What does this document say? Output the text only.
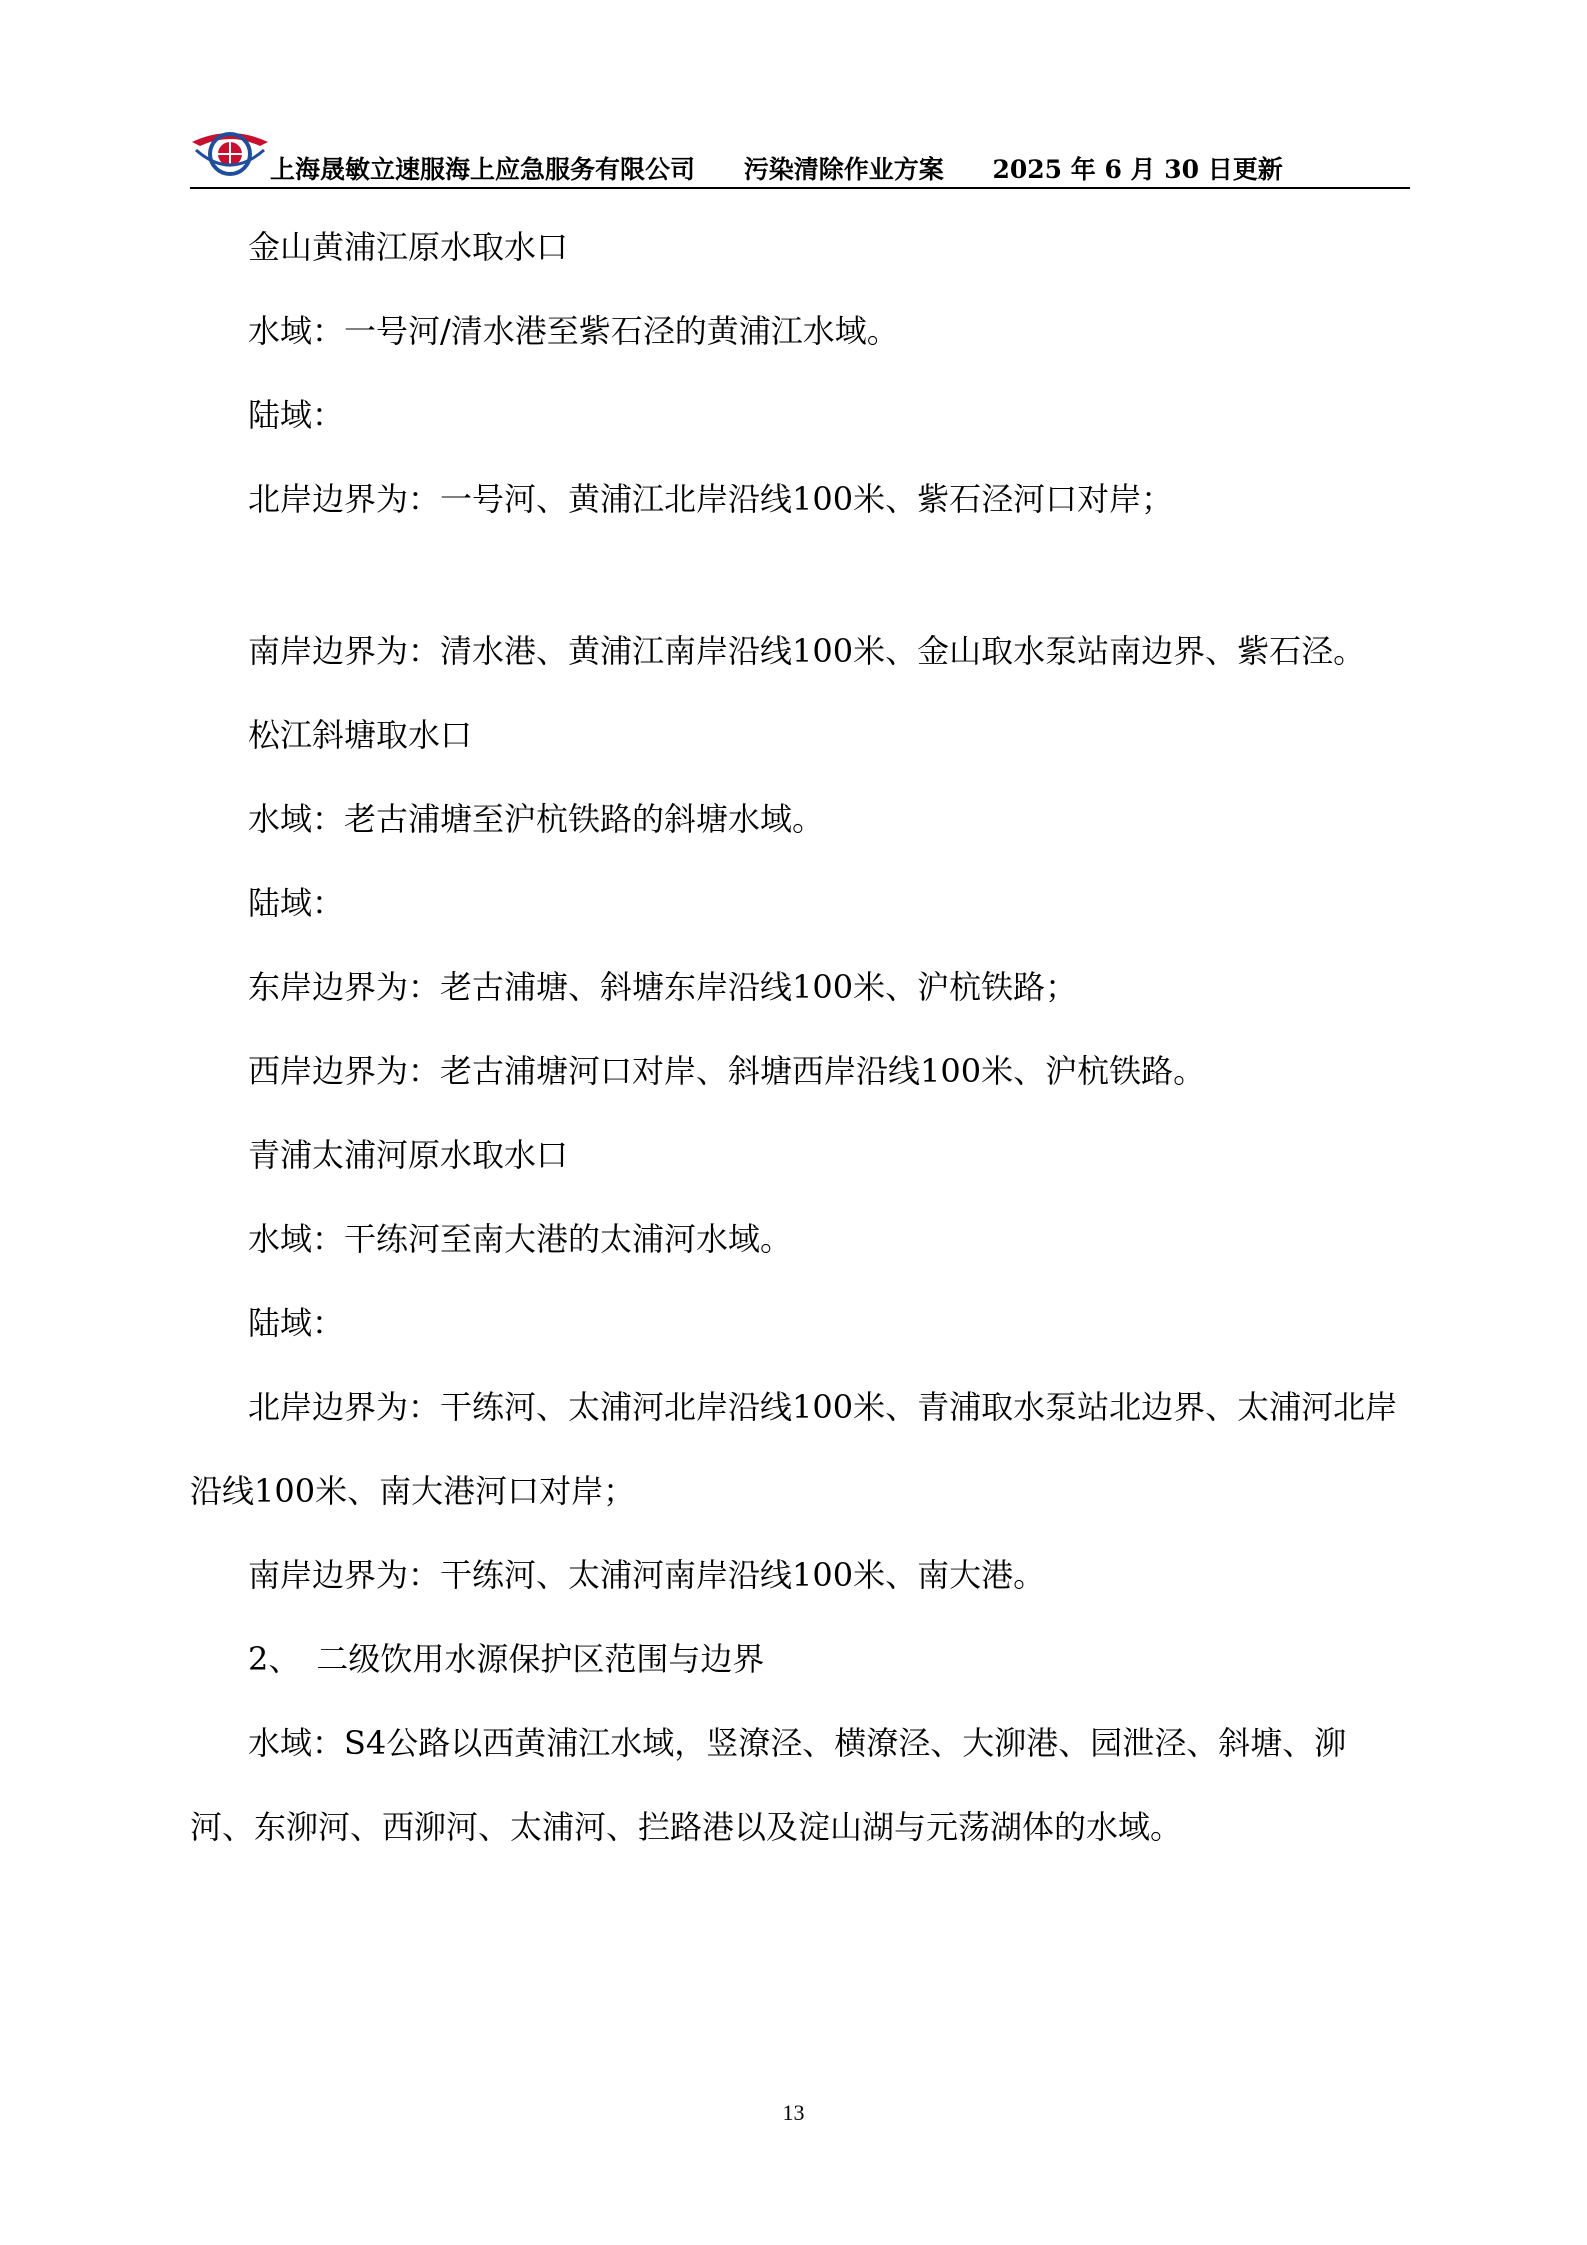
上海晟敏立速服海上应急服务有限公司 污染清除作业方案 2025 年 6 月 30 日更新

金山黄浦江原水取水口

水域：一号河/清水港至紫石泾的黄浦江水域。

陆域：

北岸边界为：一号河、黄浦江北岸沿线100米、紫石泾河口对岸；

南岸边界为：清水港、黄浦江南岸沿线100米、金山取水泵站南边界、紫石泾。

松江斜塘取水口

水域：老古浦塘至沪杭铁路的斜塘水域。

陆域：

东岸边界为：老古浦塘、斜塘东岸沿线100米、沪杭铁路；

西岸边界为：老古浦塘河口对岸、斜塘西岸沿线100米、沪杭铁路。

青浦太浦河原水取水口

水域：干练河至南大港的太浦河水域。

陆域：

北岸边界为：干练河、太浦河北岸沿线100米、青浦取水泵站北边界、太浦河北岸沿线100米、南大港河口对岸；

南岸边界为：干练河、太浦河南岸沿线100米、南大港。

2、　二级饮用水源保护区范围与边界

水域：S4公路以西黄浦江水域，竖潦泾、横潦泾、大泖港、园泄泾、斜塘、泖河、东泖河、西泖河、太浦河、拦路港以及淀山湖与元荡湖体的水域。

13
